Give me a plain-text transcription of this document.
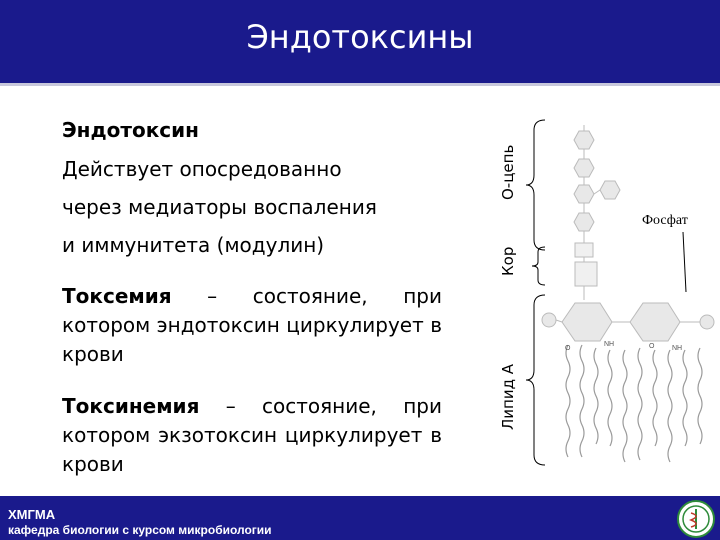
Эндотоксины
Эндотоксин
Действует опосредованно
через медиаторы воспаления
и иммунитета (модулин)
Токсемия – состояние, при котором эндотоксин циркулирует в крови
Токсинемия – состояние, при котором экзотоксин циркулирует в крови
О-цепь
Кор
Липид А
O
NH	O	NH
Фосфат
ХМГМА
кафедра биологии с курсом микробиологии
